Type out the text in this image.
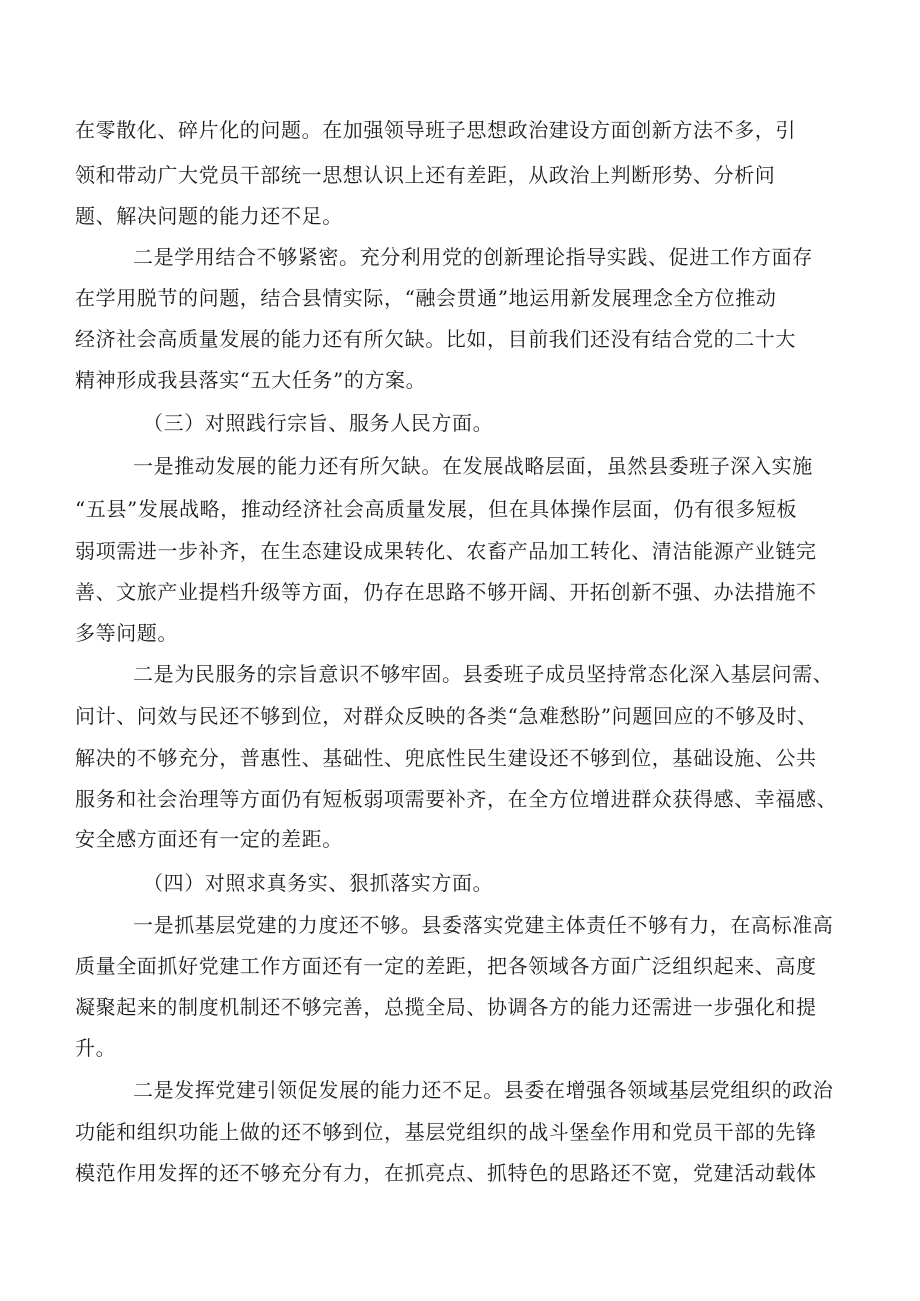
在零散化、碎片化的问题。在加强领导班子思想政治建设方面创新方法不多，引
领和带动广大党员干部统一思想认识上还有差距，从政治上判断形势、分析问
题、解决问题的能力还不足。
二是学用结合不够紧密。充分利用党的创新理论指导实践、促进工作方面存
在学用脱节的问题，结合县情实际，“融会贯通”地运用新发展理念全方位推动
经济社会高质量发展的能力还有所欠缺。比如，目前我们还没有结合党的二十大
精神形成我县落实“五大任务”的方案。
（三）对照践行宗旨、服务人民方面。
一是推动发展的能力还有所欠缺。在发展战略层面，虽然县委班子深入实施
“五县”发展战略，推动经济社会高质量发展，但在具体操作层面，仍有很多短板
弱项需进一步补齐，在生态建设成果转化、农畜产品加工转化、清洁能源产业链完
善、文旅产业提档升级等方面，仍存在思路不够开阔、开拓创新不强、办法措施不
多等问题。
二是为民服务的宗旨意识不够牢固。县委班子成员坚持常态化深入基层问需、
问计、问效与民还不够到位，对群众反映的各类“急难愁盼”问题回应的不够及时、
解决的不够充分，普惠性、基础性、兜底性民生建设还不够到位，基础设施、公共
服务和社会治理等方面仍有短板弱项需要补齐，在全方位增进群众获得感、幸福感、
安全感方面还有一定的差距。
（四）对照求真务实、狠抓落实方面。
一是抓基层党建的力度还不够。县委落实党建主体责任不够有力，在高标准高
质量全面抓好党建工作方面还有一定的差距，把各领域各方面广泛组织起来、高度
凝聚起来的制度机制还不够完善，总揽全局、协调各方的能力还需进一步强化和提
升。
二是发挥党建引领促发展的能力还不足。县委在增强各领域基层党组织的政治
功能和组织功能上做的还不够到位，基层党组织的战斗堡垒作用和党员干部的先锋
模范作用发挥的还不够充分有力，在抓亮点、抓特色的思路还不宽，党建活动载体
